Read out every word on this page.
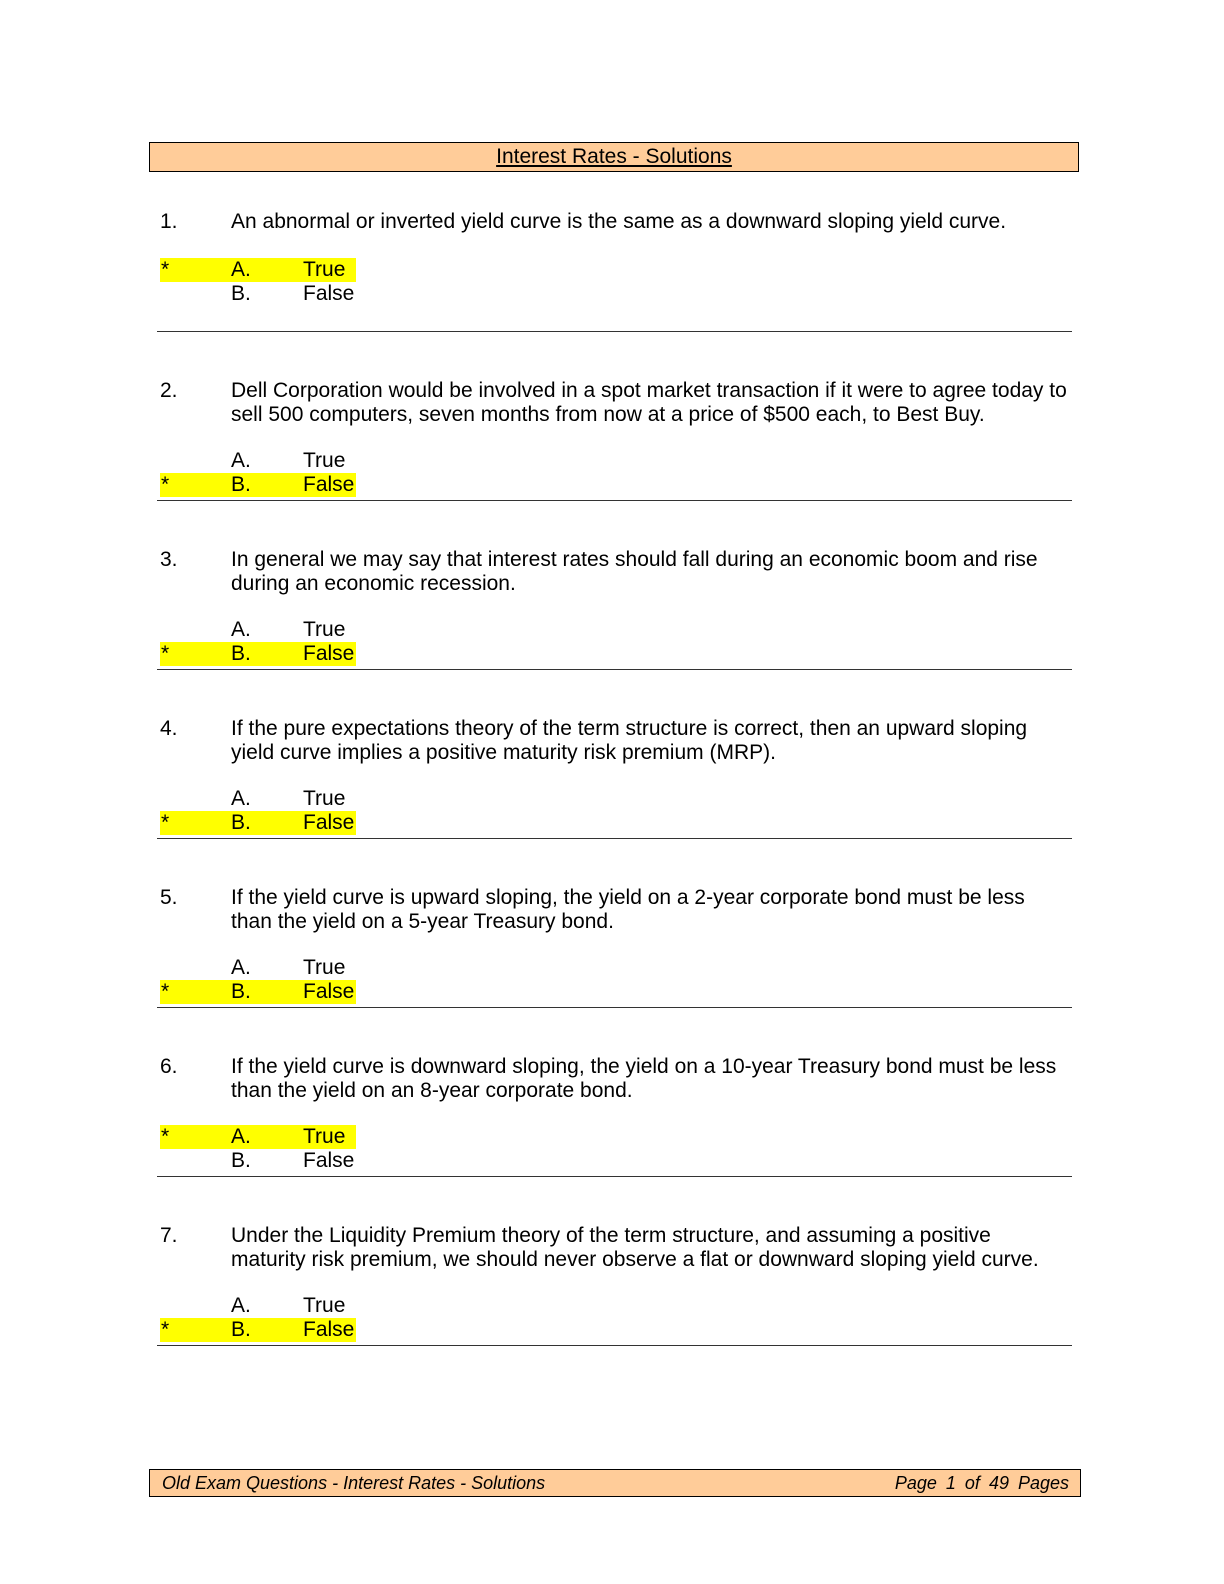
Interest Rates - Solutions
1.	An abnormal or inverted yield curve is the same as a downward sloping yield curve.
*	A. True
B. False
2.	Dell Corporation would be involved in a spot market transaction if it were to agree today to sell 500 computers, seven months from now at a price of $500 each, to Best Buy.
A. True
*	B. False
3.	In general we may say that interest rates should fall during an economic boom and rise during an economic recession.
A. True
*	B. False
4.	If the pure expectations theory of the term structure is correct, then an upward sloping yield curve implies a positive maturity risk premium (MRP).
A. True
*	B. False
5.	If the yield curve is upward sloping, the yield on a 2-year corporate bond must be less than the yield on a 5-year Treasury bond.
A. True
*	B. False
6.	If the yield curve is downward sloping, the yield on a 10-year Treasury bond must be less than the yield on an 8-year corporate bond.
*	A. True
B. False
7.	Under the Liquidity Premium theory of the term structure, and assuming a positive maturity risk premium, we should never observe a flat or downward sloping yield curve.
A. True
*	B. False
Old Exam Questions - Interest Rates - Solutions	Page 1 of 49 Pages
